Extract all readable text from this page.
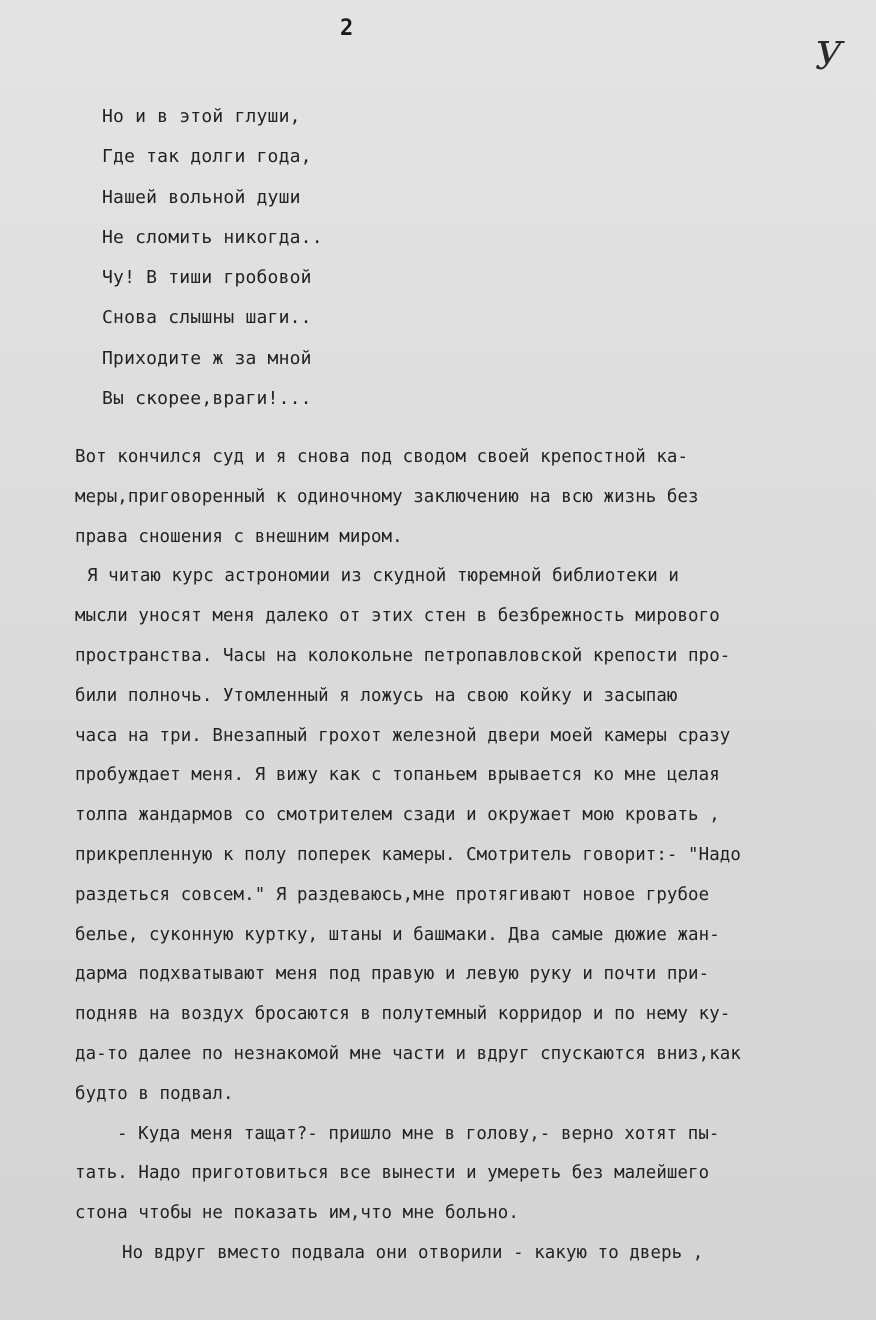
2
У
Но и в этой глуши,
Где так долги года,
Нашей вольной души
Не сломить никогда..
Чу! В тиши гробовой
Снова слышны шаги..
Приходите ж за мной
Вы скорее,враги!...
Вот кончился суд и я снова под сводом своей крепостной ка-
меры,приговоренный к одиночному заключению на всю жизнь без
права сношения с внешним миром.
Я читаю курс астрономии из скудной тюремной библиотеки и
мысли уносят меня далеко от этих стен в безбрежность мирового
пространства. Часы на колокольне петропавловской крепости про-
били полночь. Утомленный я ложусь на свою койку и засыпаю
часа на три. Внезапный грохот железной двери моей камеры сразу
пробуждает меня. Я вижу как с топаньем врывается ко мне целая
толпа жандармов со смотрителем сзади и окружает мою кровать ,
прикрепленную к полу поперек камеры. Смотритель говорит:- "Надо
раздеться совсем." Я раздеваюсь,мне протягивают новое грубое
белье, суконную куртку, штаны и башмаки. Два самые дюжие жан-
дарма подхватывают меня под правую и левую руку и почти при-
подняв на воздух бросаются в полутемный корридор и по нему ку-
да-то далее по незнакомой мне части и вдруг спускаются вниз,как
будто в подвал.
- Куда меня тащат?- пришло мне в голову,- верно хотят пы-
тать. Надо приготовиться все вынести и умереть без малейшего
стона чтобы не показать им,что мне больно.
Но вдруг вместо подвала они отворили - какую то дверь ,
